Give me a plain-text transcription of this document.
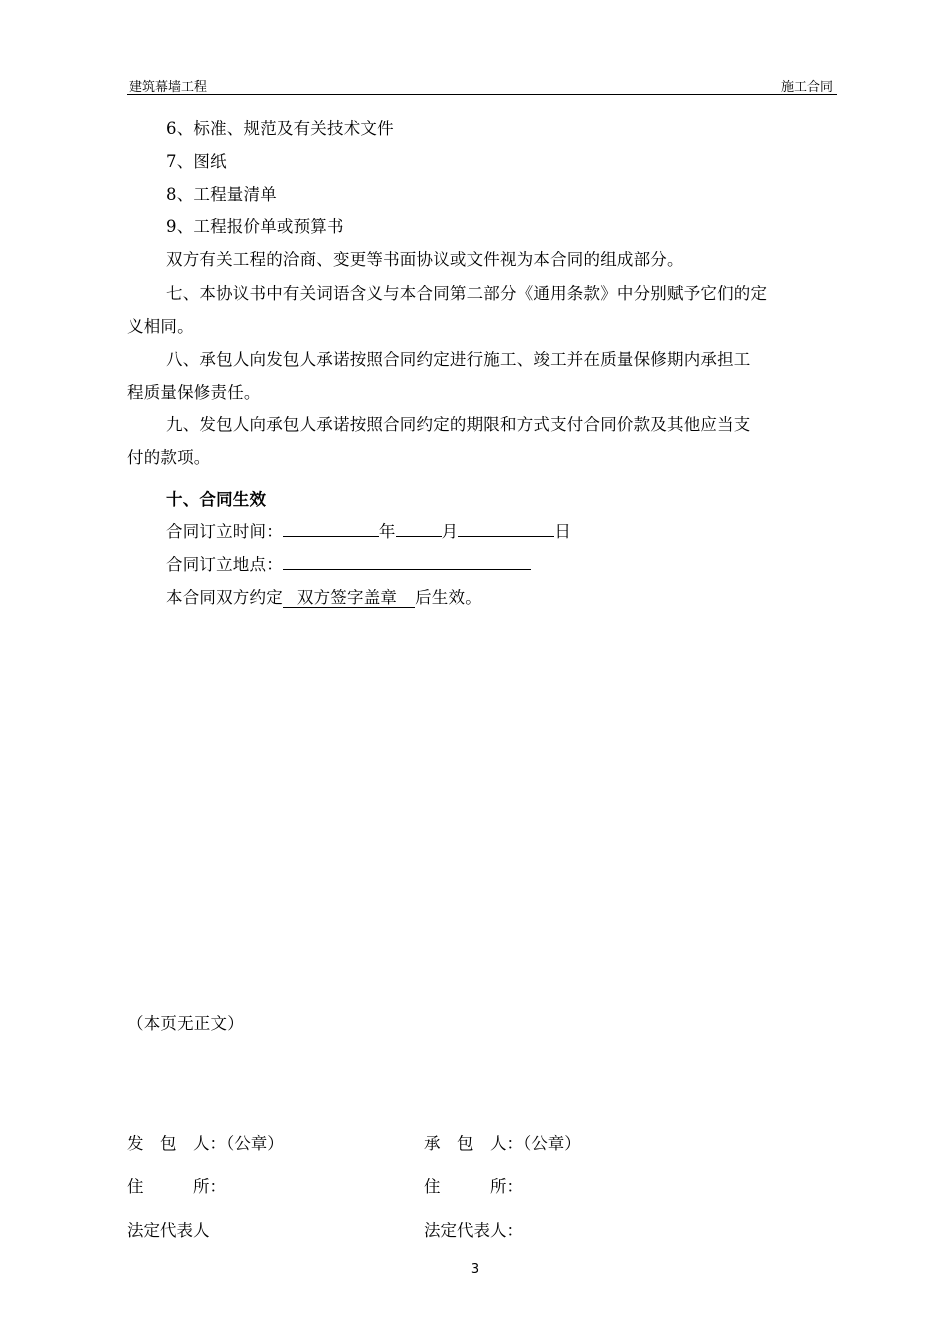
建筑幕墙工程	施工合同
6、标准、规范及有关技术文件
7、图纸
8、工程量清单
9、工程报价单或预算书
双方有关工程的洽商、变更等书面协议或文件视为本合同的组成部分。
七、本协议书中有关词语含义与本合同第二部分《通用条款》中分别赋予它们的定
义相同。
八、承包人向发包人承诺按照合同约定进行施工、竣工并在质量保修期内承担工
程质量保修责任。
九、发包人向承包人承诺按照合同约定的期限和方式支付合同价款及其他应当支
付的款项。
十、合同生效
合同订立时间：	年	月	日
合同订立地点：
本合同双方约定 双方签字盖章 后生效。
（本页无正文）
发　包　人：（公章）	承　包　人：（公章）
住　　　所：	住　　　所：
法定代表人	法定代表人：
3
